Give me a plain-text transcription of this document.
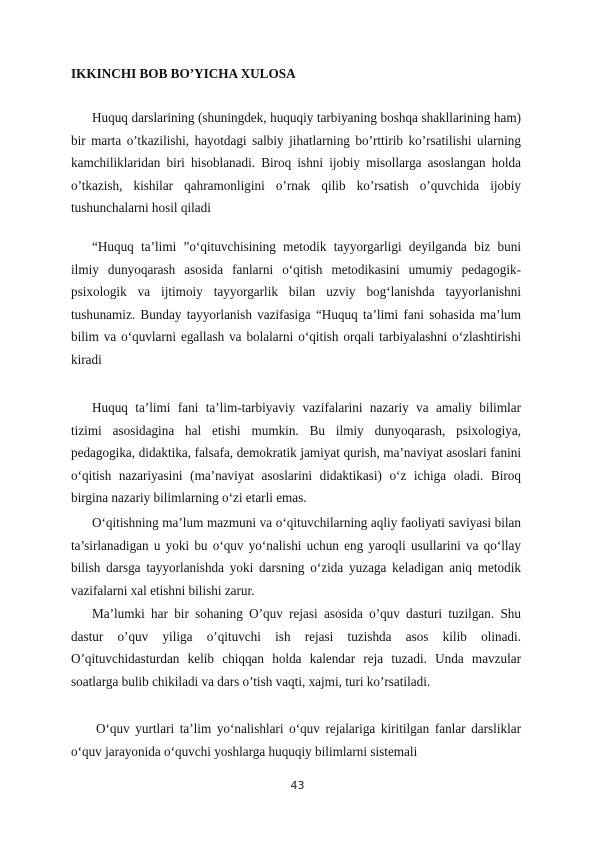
IKKINCHI BOB BO’YICHA XULOSA

Huquq darslarining (shuningdek, huquqiy tarbiyaning boshqa shakllarining ham) bir marta o’tkazilishi, hayotdagi salbiy jihatlarning bo’rttirib ko’rsatilishi ularning kamchiliklaridan biri hisoblanadi. Biroq ishni ijobiy misollarga asoslangan holda o’tkazish, kishilar qahramonligini o’rnak qilib ko’rsatish o’quvchida ijobiy tushunchalarni hosil qiladi

“Huquq ta’limi ”o‘qituvchisining metodik tayyorgarligi deyilganda biz buni ilmiy dunyoqarash asosida fanlarni o‘qitish metodikasini umumiy pedagogik-psixologik va ijtimoiy tayyorgarlik bilan uzviy bog‘lanishda tayyorlanishni tushunamiz. Bunday tayyorlanish vazifasiga “Huquq ta’limi fani sohasida ma’lum bilim va o‘quvlarni egallash va bolalarni o‘qitish orqali tarbiyalashni o‘zlashtirishi kiradi

Huquq ta’limi fani ta’lim-tarbiyaviy vazifalarini nazariy va amaliy bilimlar tizimi asosidagina hal etishi mumkin. Bu ilmiy dunyoqarash, psixologiya, pedagogika, didaktika, falsafa, demokratik jamiyat qurish, ma’naviyat asoslari fanini o‘qitish nazariyasini (ma’naviyat asoslarini didaktikasi) o‘z ichiga oladi. Biroq birgina nazariy bilimlarning o‘zi etarli emas.

O‘qitishning ma’lum mazmuni va o‘qituvchilarning aqliy faoliyati saviyasi bilan ta’sirlanadigan u yoki bu o‘quv yo‘nalishi uchun eng yaroqli usullarini va qo‘llay bilish darsga tayyorlanishda yoki darsning o‘zida yuzaga keladigan aniq metodik vazifalarni xal etishni bilishi zarur.

Ma’lumki har bir sohaning O’quv rejasi asosida o’quv dasturi tuzilgan. Shu dastur o’quv yiliga o’qituvchi ish rejasi tuzishda asos kilib olinadi. O’qituvchidasturdan kelib chiqqan holda kalendar reja tuzadi. Unda mavzular soatlarga bulib chikiladi va dars o’tish vaqti, xajmi, turi ko’rsatiladi.

O‘quv yurtlari ta’lim yo‘nalishlari o‘quv rejalariga kiritilgan fanlar darsliklar o‘quv jarayonida o‘quvchi yoshlarga huquqiy bilimlarni sistemali

43
